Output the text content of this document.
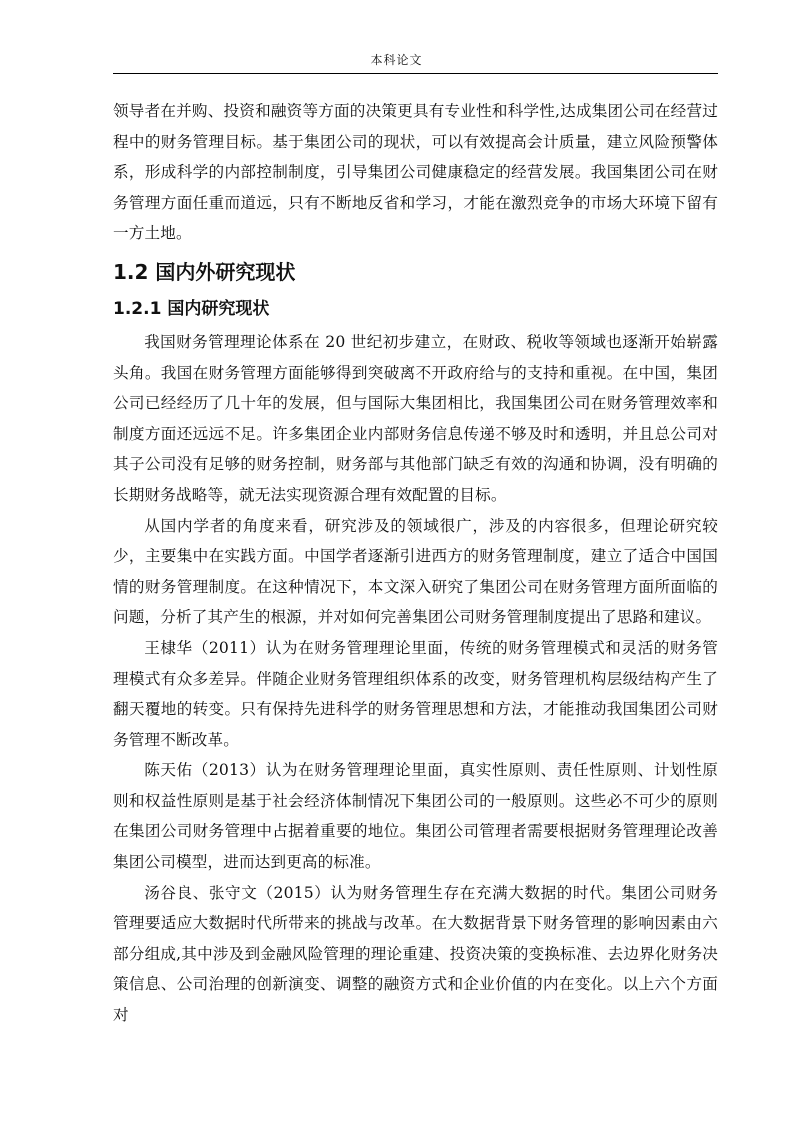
本科论文

领导者在并购、投资和融资等方面的决策更具有专业性和科学性,达成集团公司在经营过程中的财务管理目标。基于集团公司的现状，可以有效提高会计质量，建立风险预警体系，形成科学的内部控制制度，引导集团公司健康稳定的经营发展。我国集团公司在财务管理方面任重而道远，只有不断地反省和学习，才能在激烈竞争的市场大环境下留有一方土地。

1.2 国内外研究现状
1.2.1 国内研究现状

我国财务管理理论体系在 20 世纪初步建立，在财政、税收等领域也逐渐开始崭露头角。我国在财务管理方面能够得到突破离不开政府给与的支持和重视。在中国，集团公司已经经历了几十年的发展，但与国际大集团相比，我国集团公司在财务管理效率和制度方面还远远不足。许多集团企业内部财务信息传递不够及时和透明，并且总公司对其子公司没有足够的财务控制，财务部与其他部门缺乏有效的沟通和协调，没有明确的长期财务战略等，就无法实现资源合理有效配置的目标。

从国内学者的角度来看，研究涉及的领域很广，涉及的内容很多，但理论研究较少，主要集中在实践方面。中国学者逐渐引进西方的财务管理制度，建立了适合中国国情的财务管理制度。在这种情况下，本文深入研究了集团公司在财务管理方面所面临的问题，分析了其产生的根源，并对如何完善集团公司财务管理制度提出了思路和建议。

王棣华（2011）认为在财务管理理论里面，传统的财务管理模式和灵活的财务管理模式有众多差异。伴随企业财务管理组织体系的改变，财务管理机构层级结构产生了翻天覆地的转变。只有保持先进科学的财务管理思想和方法，才能推动我国集团公司财务管理不断改革。

陈天佑（2013）认为在财务管理理论里面，真实性原则、责任性原则、计划性原则和权益性原则是基于社会经济体制情况下集团公司的一般原则。这些必不可少的原则在集团公司财务管理中占据着重要的地位。集团公司管理者需要根据财务管理理论改善集团公司模型，进而达到更高的标准。

汤谷良、张守文（2015）认为财务管理生存在充满大数据的时代。集团公司财务管理要适应大数据时代所带来的挑战与改革。在大数据背景下财务管理的影响因素由六部分组成,其中涉及到金融风险管理的理论重建、投资决策的变换标准、去边界化财务决策信息、公司治理的创新演变、调整的融资方式和企业价值的内在变化。以上六个方面对
